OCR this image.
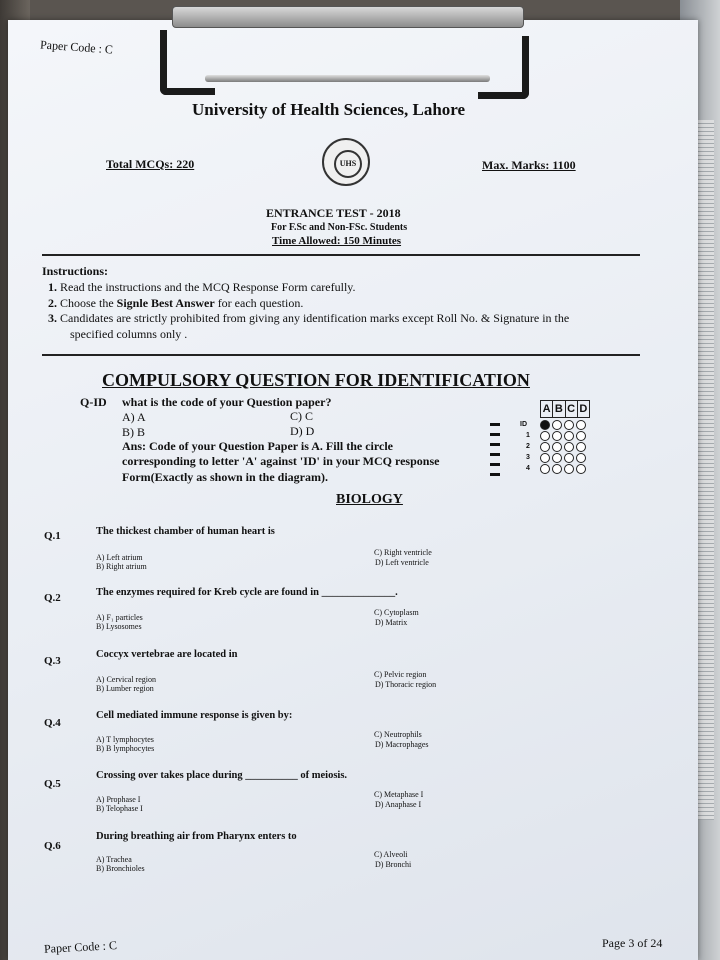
Paper Code : C
University of Health Sciences, Lahore
Total MCQs: 220	Max. Marks: 1100
UHS
ENTRANCE TEST - 2018
For F.Sc and Non-FSc. Students
Time Allowed: 150 Minutes
Instructions:
1. Read the instructions and the MCQ Response Form carefully.
2. Choose the Signle Best Answer for each question.
3. Candidates are strictly prohibited from giving any identification marks except Roll No. & Signature in the
specified columns only .
COMPULSORY QUESTION FOR IDENTIFICATION
Q-ID what is the code of your Question paper?
A) A	C) C
B) B	D) D
Ans: Code of your Question Paper is A. Fill the circle
corresponding to letter 'A' against 'ID' in your MCQ response
Form(Exactly as shown in the diagram).
A B C D
ID
1
2
3
4
BIOLOGY
Q.1	The thickest chamber of human heart is
A) Left atrium
B) Right atrium
C) Right ventricle
D) Left ventricle
Q.2	The enzymes required for Kreb cycle are found in ______________.
A) F₁ particles
B) Lysosomes
C) Cytoplasm
D) Matrix
Q.3
Coccyx vertebrae are located in
A) Cervical region
B) Lumber region
C) Pelvic region
D) Thoracic region
Q.4
Cell mediated immune response is given by:
A) T lymphocytes
B) B lymphocytes
C) Neutrophils
D) Macrophages
Q.5
Crossing over takes place during __________ of meiosis.
A) Prophase I
B) Telophase I
C) Metaphase I
D) Anaphase I
Q.6
During breathing air from Pharynx enters to
A) Trachea
B) Bronchioles
C) Alveoli
D) Bronchi
Paper Code : C	Page 3 of 24
